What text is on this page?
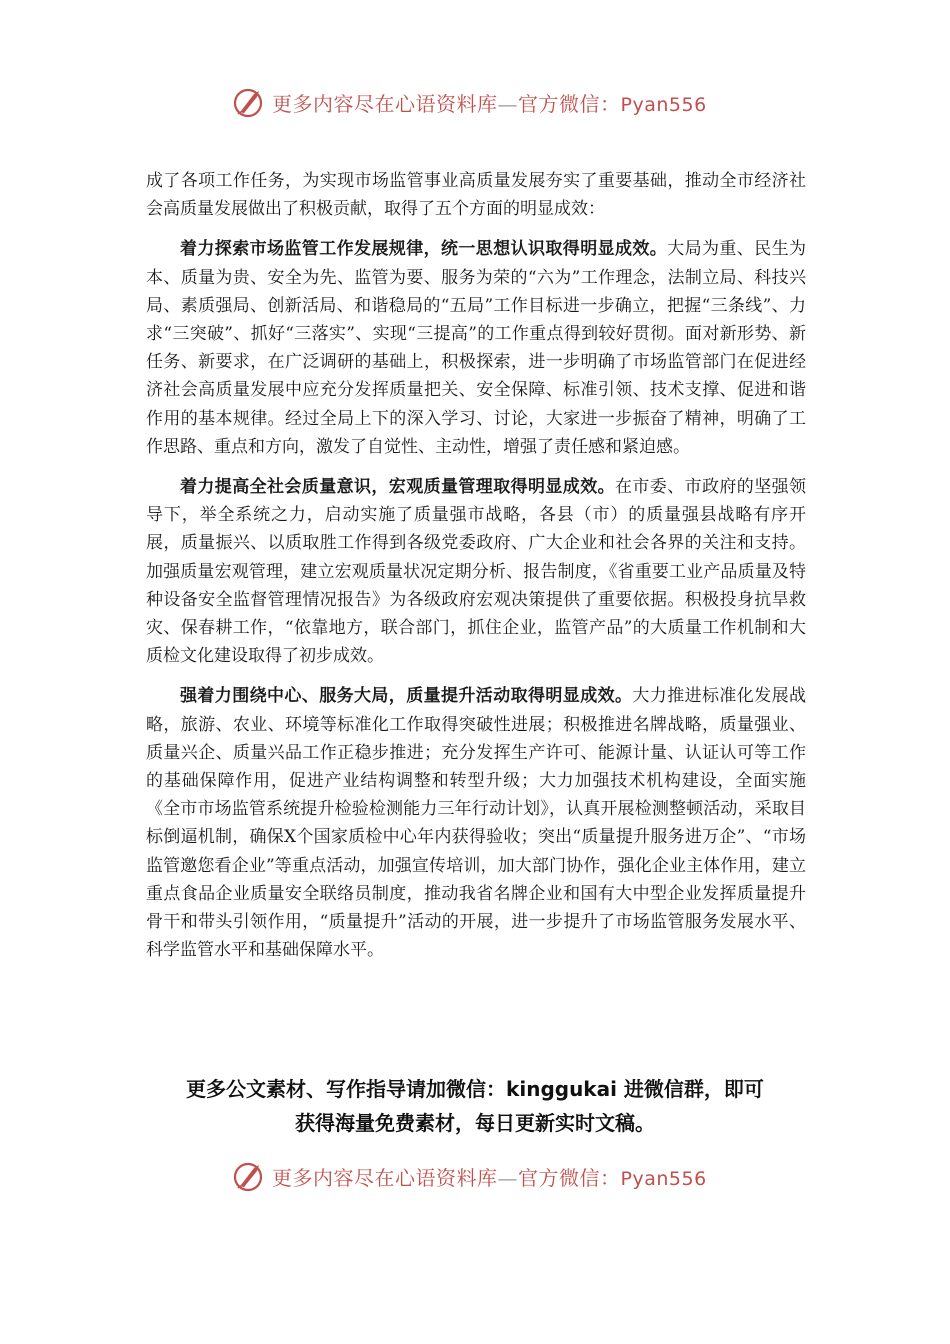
更多内容尽在心语资料库—官方微信：Pyan556

成了各项工作任务，为实现市场监管事业高质量发展夯实了重要基础，推动全市经济社会高质量发展做出了积极贡献，取得了五个方面的明显成效：

着力探索市场监管工作发展规律，统一思想认识取得明显成效。大局为重、民生为本、质量为贵、安全为先、监管为要、服务为荣的“六为”工作理念，法制立局、科技兴局、素质强局、创新活局、和谐稳局的“五局”工作目标进一步确立，把握“三条线”、力求“三突破”、抓好“三落实”、实现“三提高”的工作重点得到较好贯彻。面对新形势、新任务、新要求，在广泛调研的基础上，积极探索，进一步明确了市场监管部门在促进经济社会高质量发展中应充分发挥质量把关、安全保障、标准引领、技术支撑、促进和谐作用的基本规律。经过全局上下的深入学习、讨论，大家进一步振奋了精神，明确了工作思路、重点和方向，激发了自觉性、主动性，增强了责任感和紧迫感。

着力提高全社会质量意识，宏观质量管理取得明显成效。在市委、市政府的坚强领导下，举全系统之力，启动实施了质量强市战略，各县（市）的质量强县战略有序开展，质量振兴、以质取胜工作得到各级党委政府、广大企业和社会各界的关注和支持。加强质量宏观管理，建立宏观质量状况定期分析、报告制度，《省重要工业产品质量及特种设备安全监督管理情况报告》为各级政府宏观决策提供了重要依据。积极投身抗旱救灾、保春耕工作，“依靠地方，联合部门，抓住企业，监管产品”的大质量工作机制和大质检文化建设取得了初步成效。

强着力围绕中心、服务大局，质量提升活动取得明显成效。大力推进标准化发展战略，旅游、农业、环境等标准化工作取得突破性进展；积极推进名牌战略，质量强业、质量兴企、质量兴品工作正稳步推进；充分发挥生产许可、能源计量、认证认可等工作的基础保障作用，促进产业结构调整和转型升级；大力加强技术机构建设，全面实施《全市市场监管系统提升检验检测能力三年行动计划》，认真开展检测整顿活动，采取目标倒逼机制，确保X个国家质检中心年内获得验收；突出“质量提升服务进万企”、“市场监管邀您看企业”等重点活动，加强宣传培训，加大部门协作，强化企业主体作用，建立重点食品企业质量安全联络员制度，推动我省名牌企业和国有大中型企业发挥质量提升骨干和带头引领作用，“质量提升”活动的开展，进一步提升了市场监管服务发展水平、科学监管水平和基础保障水平。

更多公文素材、写作指导请加微信：kinggukai 进微信群，即可
获得海量免费素材，每日更新实时文稿。
更多内容尽在心语资料库—官方微信：Pyan556
